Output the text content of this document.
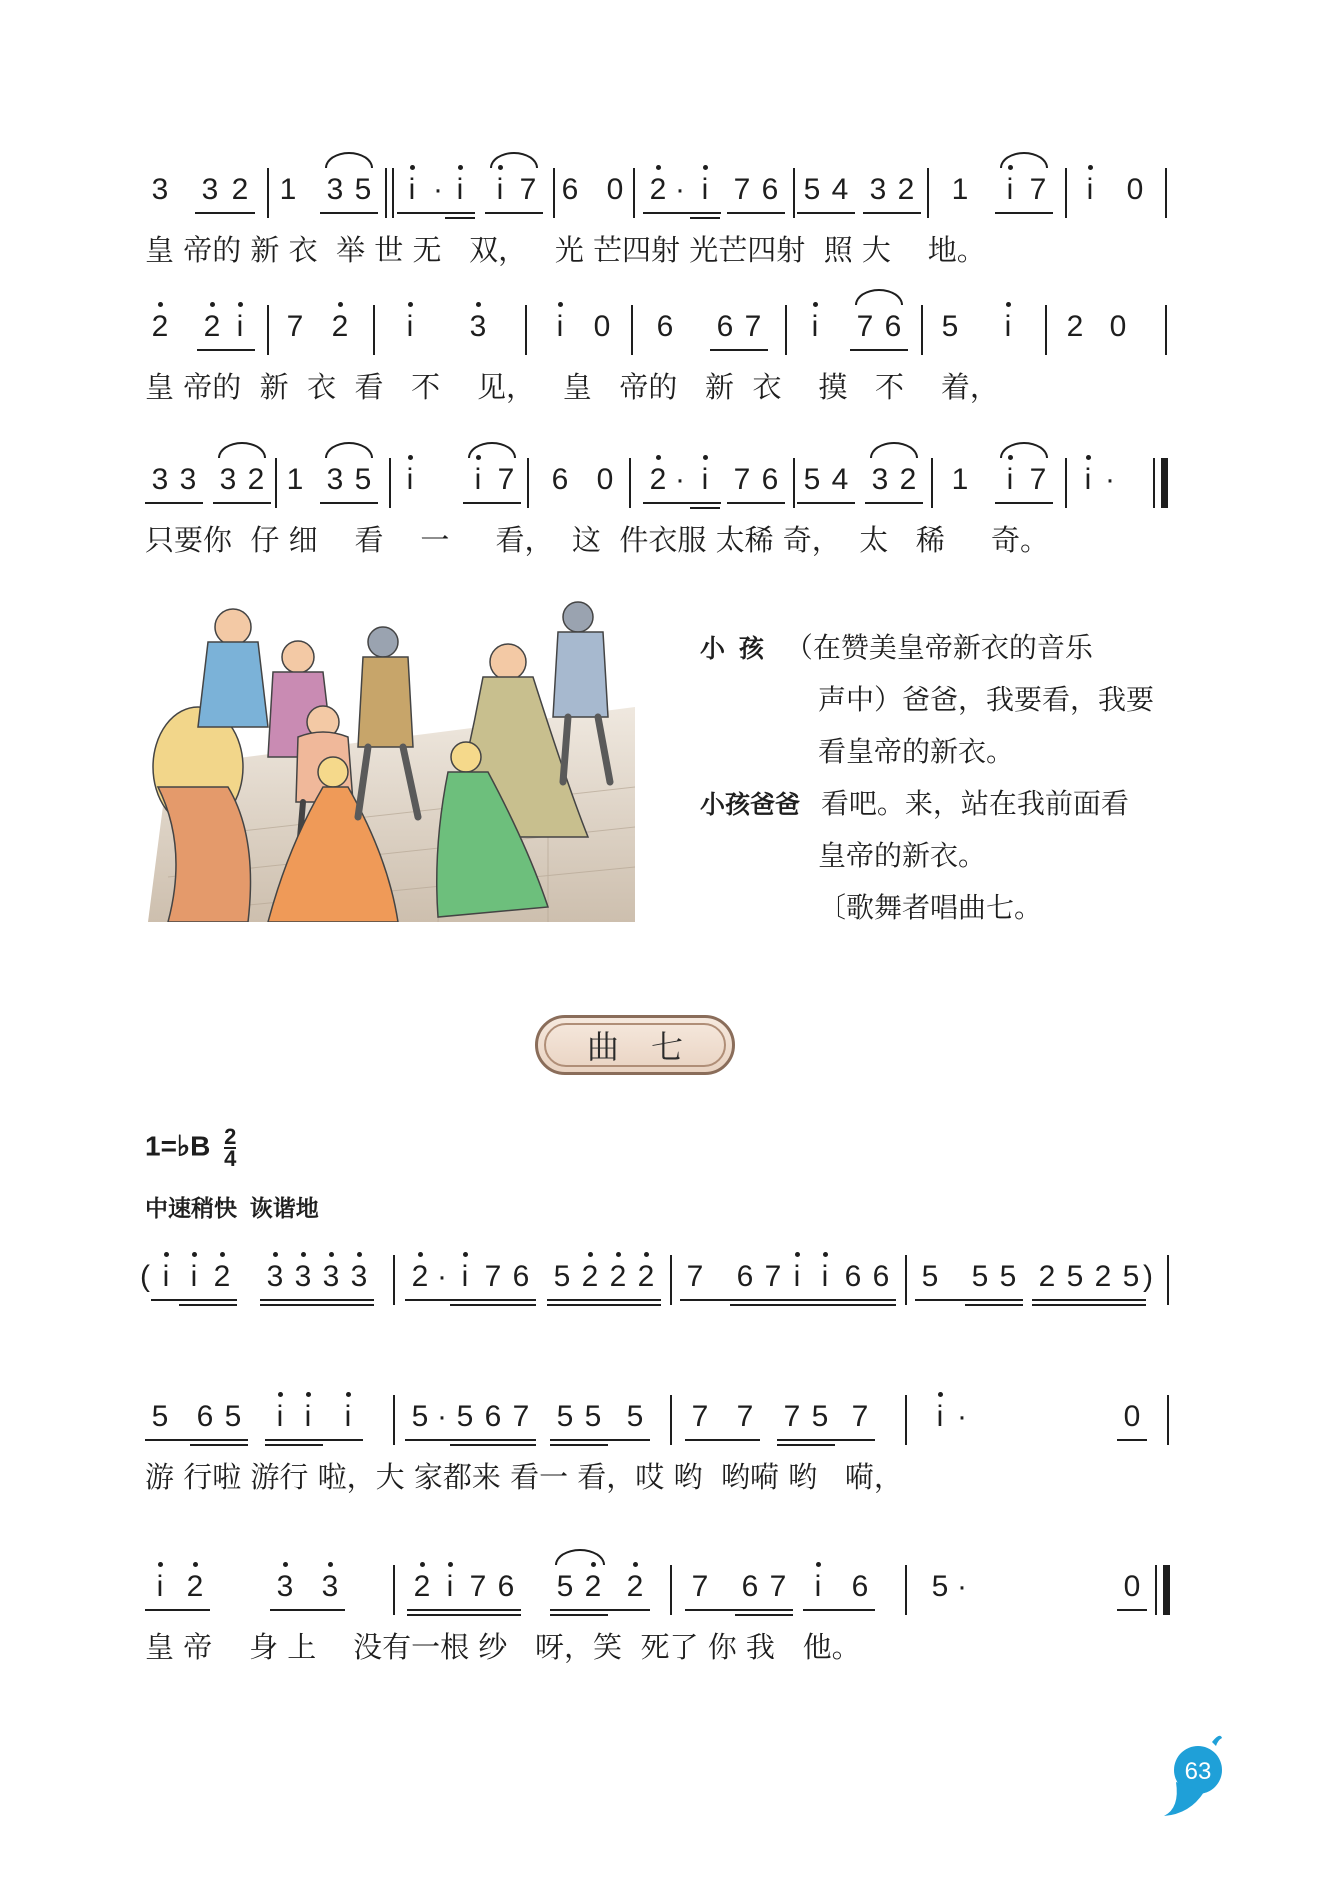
3 3 2 1 3 5	i · i	i 7 6 0 2 · i 7 6 5 4 3 2 1	i 7	i	0
皇 帝的 新 衣  举 世 无   双，   光 芒四射 光芒四射  照 大    地。
2 2 i	7 2	i	3	i	0 6 6 7	i	7 6 5	i	2 0
皇 帝的  新  衣  看   不    见，   皇   帝的   新  衣    摸   不    着，
3 3 3 2 1 3 5	i	i 7 6 0 2 · i 7 6 5 4 3 2 1	i 7	i ·
只要你  仔 细    看    一     看，  这  件衣服 太稀 奇，  太   稀     奇。
小  孩 （在赞美皇帝新衣的音乐
声中）爸爸，我要看，我要
看皇帝的新衣。
小孩爸爸 看吧。来，站在我前面看
皇帝的新衣。
〔歌舞者唱曲七。
曲七
1=♭B $\frac{2}{4}$
中速稍快  诙谐地
( i i 2 3 3 3 3 2 · i 7 6 5 2 2 2 7 6 7 i i 6 6 5 5 5 2 5 2 5 )
5 6 5	i i	i	5 · 5 6 7 5 5 5 7 7 7 5 7	i ·	0
游 行啦 游行 啦，大 家都来 看一 看，哎 哟  哟嗬 哟   嗬，
i 2 3 3	2 i 7 6 5 2 2 7 6 7 i	6 5 ·	0
皇 帝    身 上    没有一根 纱   呀，笑  死了 你 我   他。
63
